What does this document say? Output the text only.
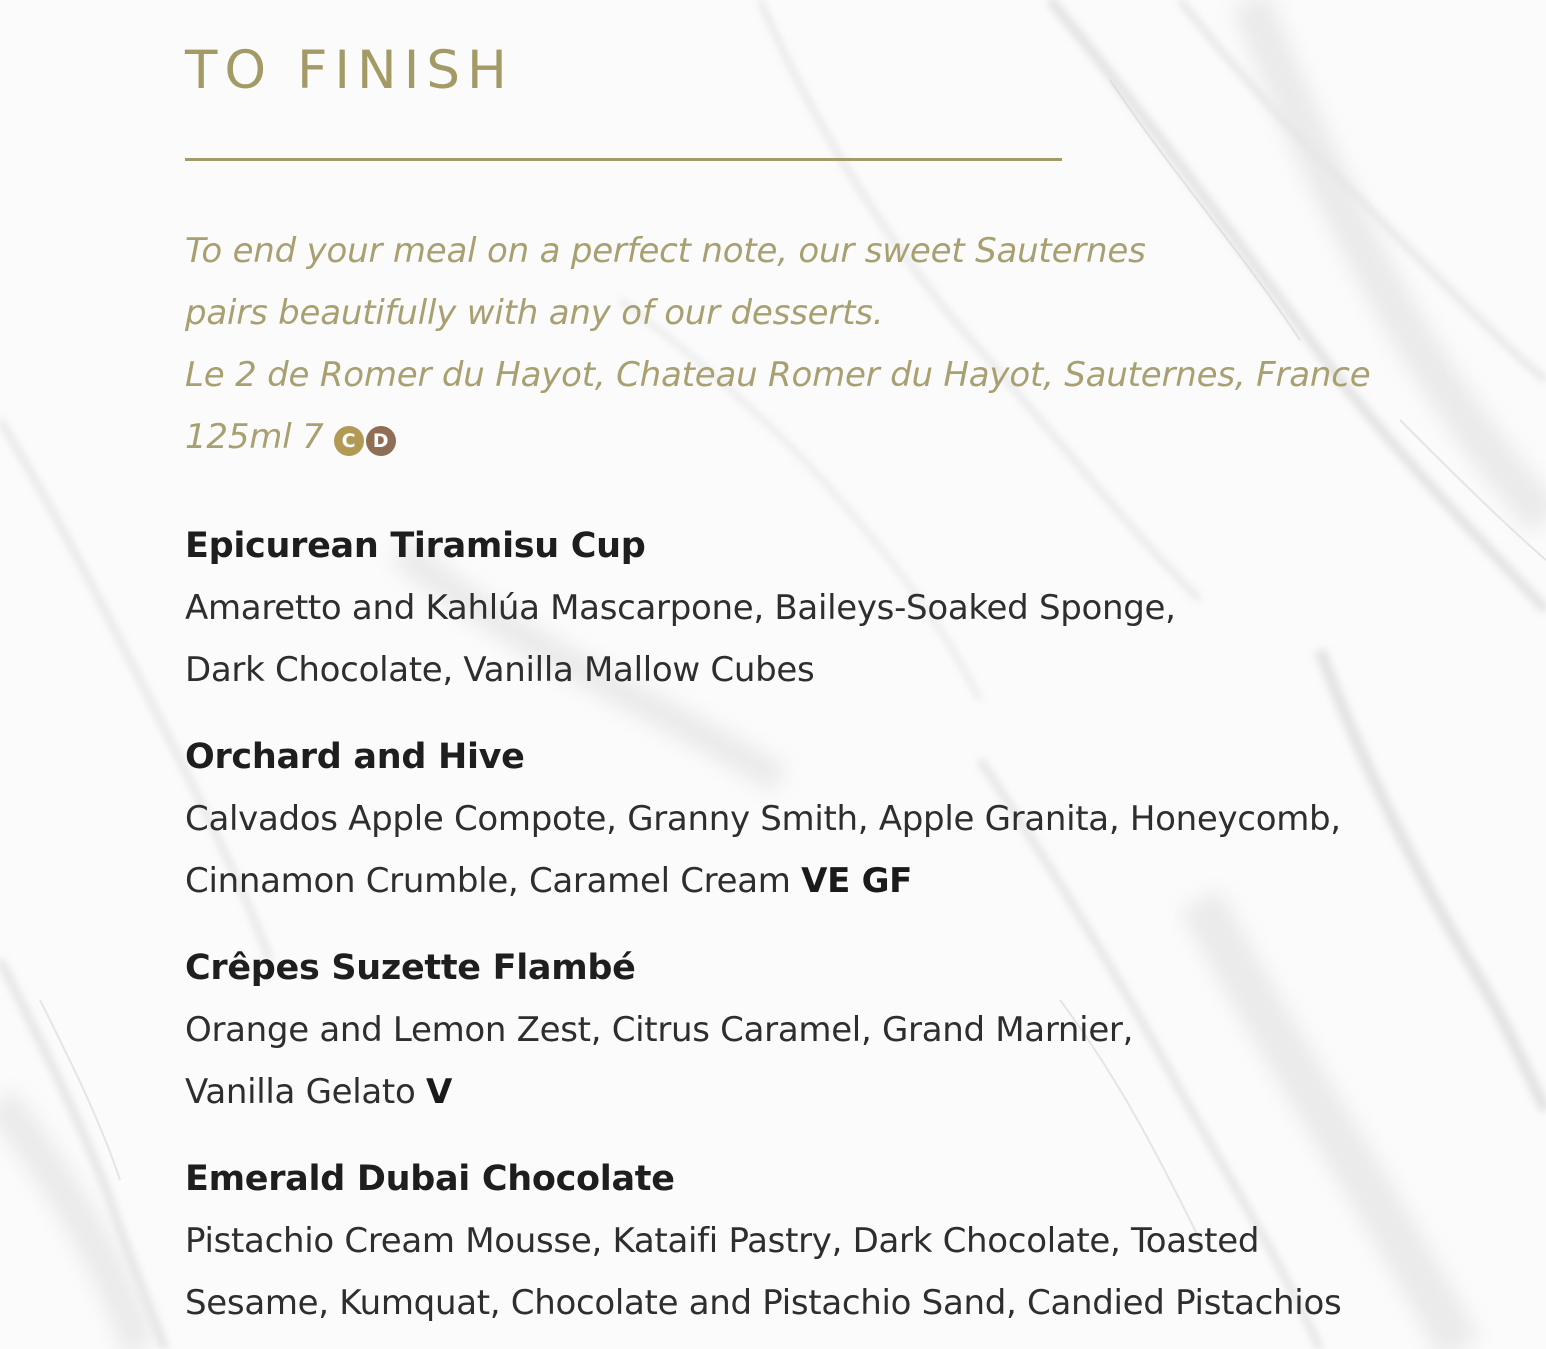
TO FINISH
To end your meal on a perfect note, our sweet Sauternes
pairs beautifully with any of our desserts.
Le 2 de Romer du Hayot, Chateau Romer du Hayot, Sauternes, France
125ml 7 C D
Epicurean Tiramisu Cup
Amaretto and Kahlúa Mascarpone, Baileys-Soaked Sponge,
Dark Chocolate, Vanilla Mallow Cubes
Orchard and Hive
Calvados Apple Compote, Granny Smith, Apple Granita, Honeycomb,
Cinnamon Crumble, Caramel Cream VE GF
Crêpes Suzette Flambé
Orange and Lemon Zest, Citrus Caramel, Grand Marnier,
Vanilla Gelato V
Emerald Dubai Chocolate
Pistachio Cream Mousse, Kataifi Pastry, Dark Chocolate, Toasted
Sesame, Kumquat, Chocolate and Pistachio Sand, Candied Pistachios
